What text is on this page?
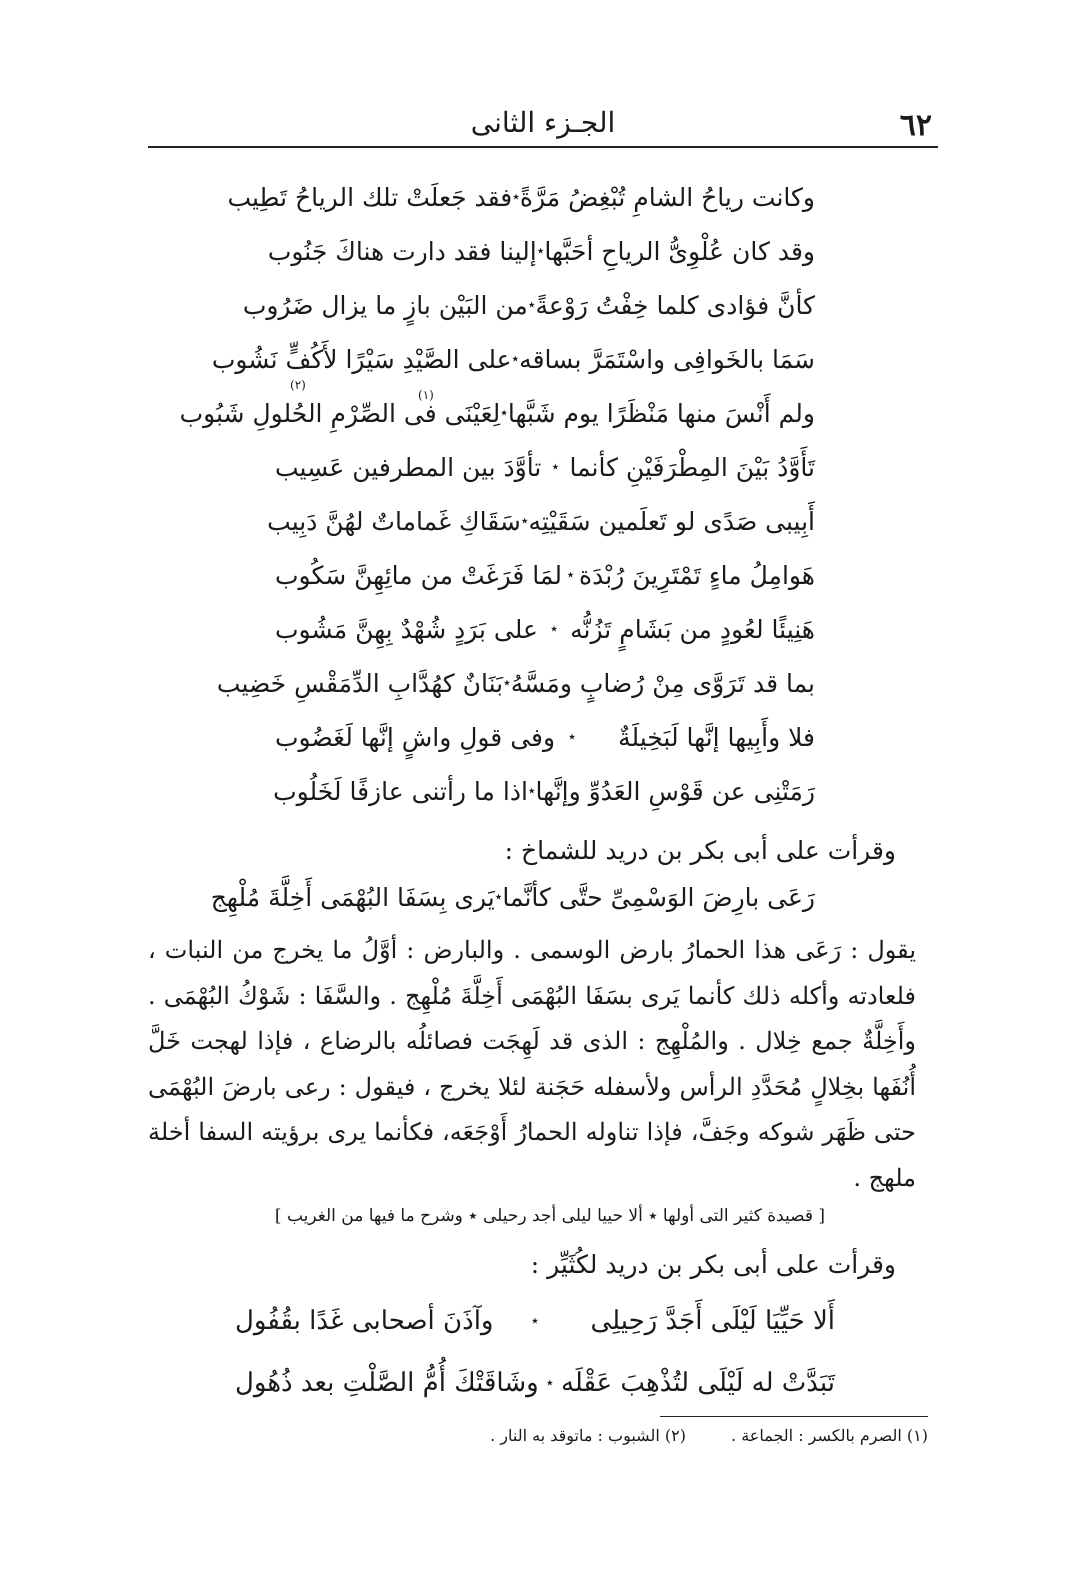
٦٢
الجـزء الثانى
وكانت رياحُ الشامِ تُبْغِضُ مَرَّةً
٭
فقد جَعلَتْ تلك الرياحُ تَطِيب
وقد كان عُلْوِىُّ الرياحِ أحَبَّها
٭
إلينا فقد دارت هناكَ جَنُوب
كأنَّ فؤادى كلما خِفْتُ رَوْعةً
٭
من البَيْن بازٍ ما يزال ضَرُوب
سَمَا بالخَوافِى واسْتَمَرَّ بساقه
٭
على الصَّيْدِ سَيْرًا لأَكُفٍّ نَشُوب
ولم أَنْسَ منها مَنْظَرًا يوم شَبَّها
٭
لِعَيْنَى فى الصِّرْمِ الحُلولِ شَبُوب
تَأَوَّدُ بَيْنَ المِطْرَفَيْنِ كأنما
٭
تأوَّدَ بين المطرفين عَسِيب
أَبِيبى صَدًى لو تَعلَمين سَقَيْتِه
٭
سَقَاكِ غَماماتٌ لهُنَّ دَبِيب
هَوامِلُ ماءٍ تَمْتَرِينَ رُبْدَة
٭
لمَا فَرَغَتْ من مائِهِنَّ سَكُوب
هَنِيئًا لعُودٍ من بَشَامٍ تَزُنُّه
٭
على بَرَدٍ شُهْدٌ بِهِنَّ مَشُوب
بما قد تَرَوَّى مِنْ رُضابٍ ومَسَّهُ
٭
بَنَانٌ كهُدَّابِ الدِّمَقْسِ خَضِيب
فلا وأَبِيها إنَّها لَبَخِيلَةٌ
٭
وفى قولِ واشٍ إنَّها لَغَضُوب
رَمَتْنِى عن قَوْسِ العَدُوِّ وإنَّها
٭
اذا ما رأتنى عازفًا لَخَلُوب
(١)
(٢)
وقرأت على أبى بكر بن دريد للشماخ :
رَعَى بارِضَ الوَسْمِىِّ حتَّى كأنَّما
٭
يَرى بِسَفَا البُهْمَى أَخِلَّةَ مُلْهِج

يقول : رَعَى هذا الحمارُ بارض الوسمى . والبارض : أوَّلُ ما يخرج من النبات ، فلعادته وأكله ذلك كأنما يَرى بسَفَا البُهْمَى أَخِلَّةَ مُلْهِج . والسَّفَا : شَوْكُ البُهْمَى . وأَخِلَّةٌ جمع خِلال . والمُلْهِج : الذى قد لَهِجَت فصائلُه بالرضاع ، فإذا لهجت خَلَّ أُنُفَها بخِلالٍ مُحَدَّدِ الرأس ولأسفله حَجَنة لئلا يخرج ، فيقول : رعى بارضَ البُهْمَى حتى ظَهَر شوكه وجَفَّ، فإذا تناوله الحمارُ أَوْجَعَه، فكأنما يرى برؤيته السفا أخلة ملهج .

[ قصيدة كثير التى أولها ٭ ألا حييا ليلى أجد رحيلى ٭ وشرح ما فيها من الغريب ]
وقرأت على أبى بكر بن دريد لكُثَيِّر :
أَلا حَيِّيَا لَيْلَى أَجَدَّ رَحِيلِى
٭
وآذَنَ أصحابى غَدًا بقُفُول
تَبَدَّتْ له لَيْلَى لتُذْهِبَ عَقْلَه
٭
وشَاقَتْكَ أُمُّ الصَّلْتِ بعد ذُهُول
(١) الصرم بالكسر : الجماعة . (٢) الشبوب : ماتوقد به النار .
